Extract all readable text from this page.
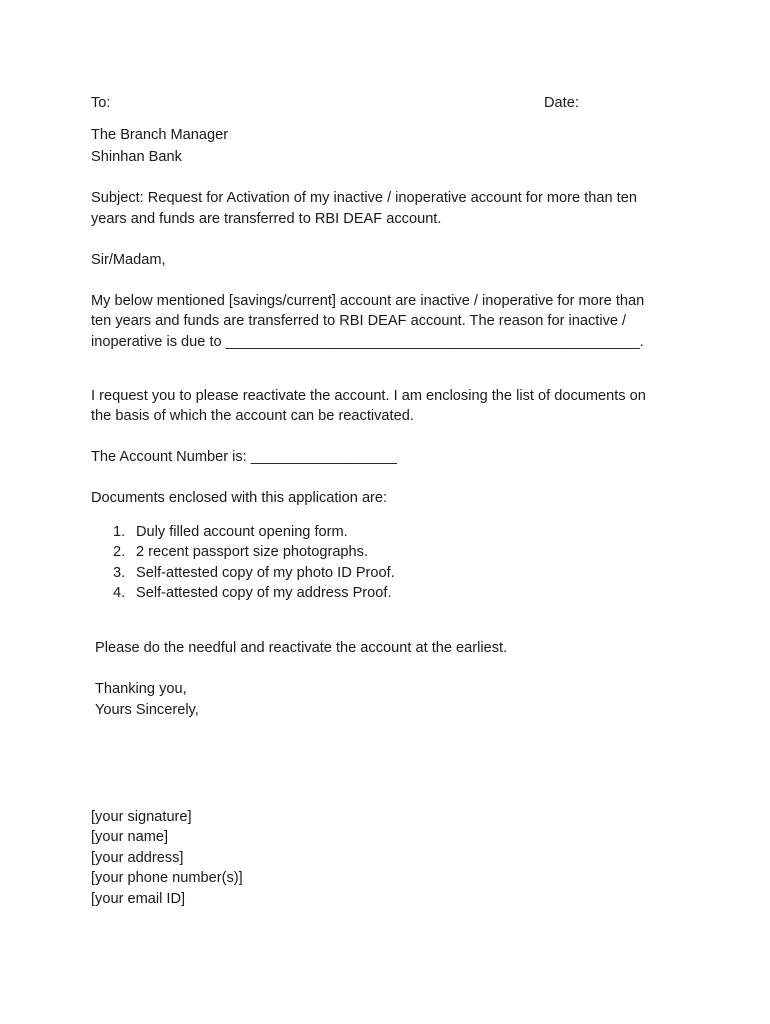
To:	Date:
The Branch Manager
Shinhan Bank
Subject: Request for Activation of my inactive / inoperative account for more than ten
years and funds are transferred to RBI DEAF account.
Sir/Madam,
My below mentioned [savings/current] account are inactive / inoperative for more than
ten years and funds are transferred to RBI DEAF account. The reason for inactive /
inoperative is due to ___________________________________________________.
I request you to please reactivate the account. I am enclosing the list of documents on
the basis of which the account can be reactivated.
The Account Number is: __________________
Documents enclosed with this application are:
1. Duly filled account opening form.
2. 2 recent passport size photographs.
3. Self-attested copy of my photo ID Proof.
4. Self-attested copy of my address Proof.
Please do the needful and reactivate the account at the earliest.
Thanking you,
Yours Sincerely,
[your signature]
[your name]
[your address]
[your phone number(s)]
[your email ID]
